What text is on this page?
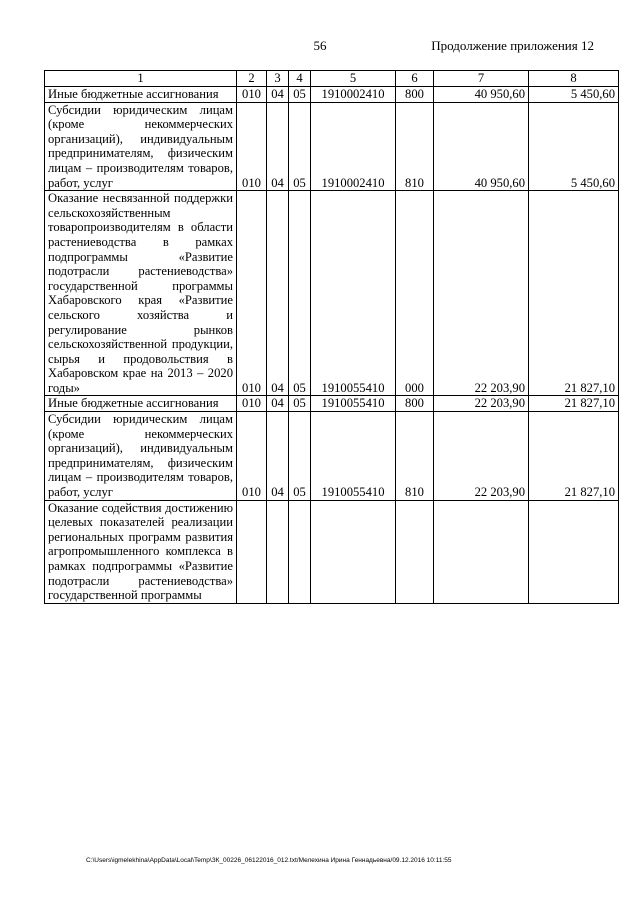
56	Продолжение приложения 12
1	2	3	4	5	6	7	8
Иные бюджетные ассигнования	010	04	05	1910002410	800	40 950,60	5 450,60
Субсидии юридическим лицам (кроме некоммерческих организаций), индивидуальным предпринимателям, физическим лицам – производителям товаров, работ, услуг	010	04	05	1910002410	810	40 950,60	5 450,60
Оказание несвязанной поддержки сельскохозяйственным товаропроизводителям в области растениеводства в рамках подпрограммы «Развитие подотрасли растениеводства» государственной программы Хабаровского края «Развитие сельского хозяйства и регулирование рынков сельскохозяйственной продукции, сырья и продовольствия в Хабаровском крае на 2013 – 2020 годы»	010	04	05	1910055410	000	22 203,90	21 827,10
Иные бюджетные ассигнования	010	04	05	1910055410	800	22 203,90	21 827,10
Субсидии юридическим лицам (кроме некоммерческих организаций), индивидуальным предпринимателям, физическим лицам – производителям товаров, работ, услуг	010	04	05	1910055410	810	22 203,90	21 827,10
Оказание содействия достижению целевых показателей реализации региональных программ развития агропромышленного комплекса в рамках подпрограммы «Развитие подотрасли растениеводства» государственной программы							
C:\Users\igmelekhina\AppData\Local\Temp\ЗК_00226_06122016_012.txt/Мелехина Ирина Геннадьевна/09.12.2016 10:11:55
